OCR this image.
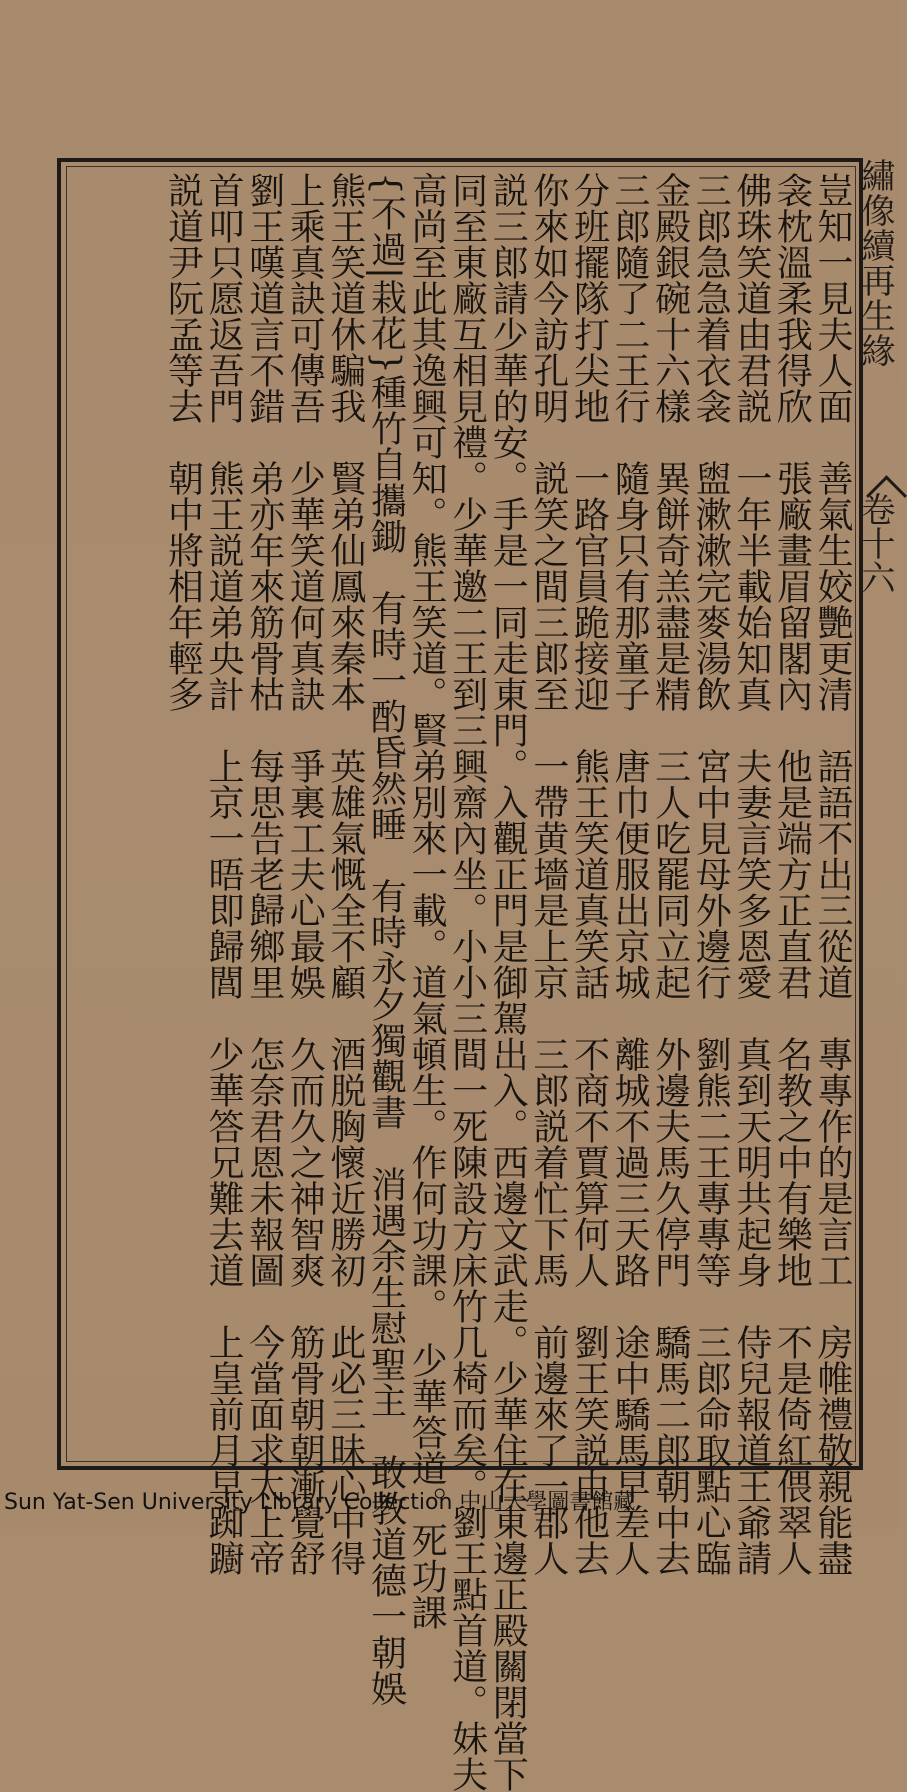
繡像續再生緣
卷十六
豈知一見夫人面　善氣生姣艷更清　語語不出三從道　專專作的是言工　房帷禮敬親能盡
衾枕溫柔我得欣　張廠畫眉留閣內　他是端方正直君　名教之中有樂地　不是倚紅偎翠人
佛珠笑道由君説　一年半載始知真　夫妻言笑多恩愛　真到天明共起身　侍兒報道王爺請
三郎急急着衣衾　盥漱漱完麥湯飲　宮中見母外邊行　劉熊二王專專等　三郎命取點心臨
金殿銀碗十六樣　異餅奇羔盡是精　三人吃罷同立起　外邊夫馬久停門　驕馬二郎朝中去
三郎隨了二王行　隨身只有那童子　唐巾便服出京城　離城不過三天路　途中驕馬早差人
分班擺隊打尖地　一路官員跪接迎　熊王笑道真笑話　不商不賈算何人　劉王笑説由他去
你來如今訪孔明　説笑之間三郎至　一帶黄墻是上京　三郎説着忙下馬　前邊來了一郡人
説三郎請少華的安。手是一同走東門。入觀正門是御駕出入。西邊文武走。少華住在東邊正殿關閉當下
同至東廠互相見禮。少華邀二王到三興齋內坐。小小三間一死陳設方床竹几椅而矣。劉王點首道。妹夫
高尚至此其逸興可知。熊王笑道。賢弟別來一載。道氣頓生。作何功課。　少華答道。死功課
{不過|栽花}種竹自攜鋤　有時一酌昏然睡　有時永夕獨觀書　消遇余生慰聖主　敢教道德一朝娛
熊王笑道休騙我　賢弟仙鳳來秦本　英雄氣慨全不顧　酒脱胸懷近勝初　此必三昧心中得
上乘真訣可傳吾　少華笑道何真訣　爭裏工夫心最娛　久而久之神智爽　筋骨朝朝漸覺舒
劉王嘆道言不錯　弟亦年來筋骨枯　每思告老歸鄉里　怎奈君恩未報圖　今當面求太上帝
首叩只愿返吾門　熊王説道弟央計　上京一晤即歸閭　少華答兄難去道　上皇前月早踟躕
説道尹阮孟等去　朝中將相年輕多
Sun Yat-Sen University Library Collection 中山大學圖書館藏
